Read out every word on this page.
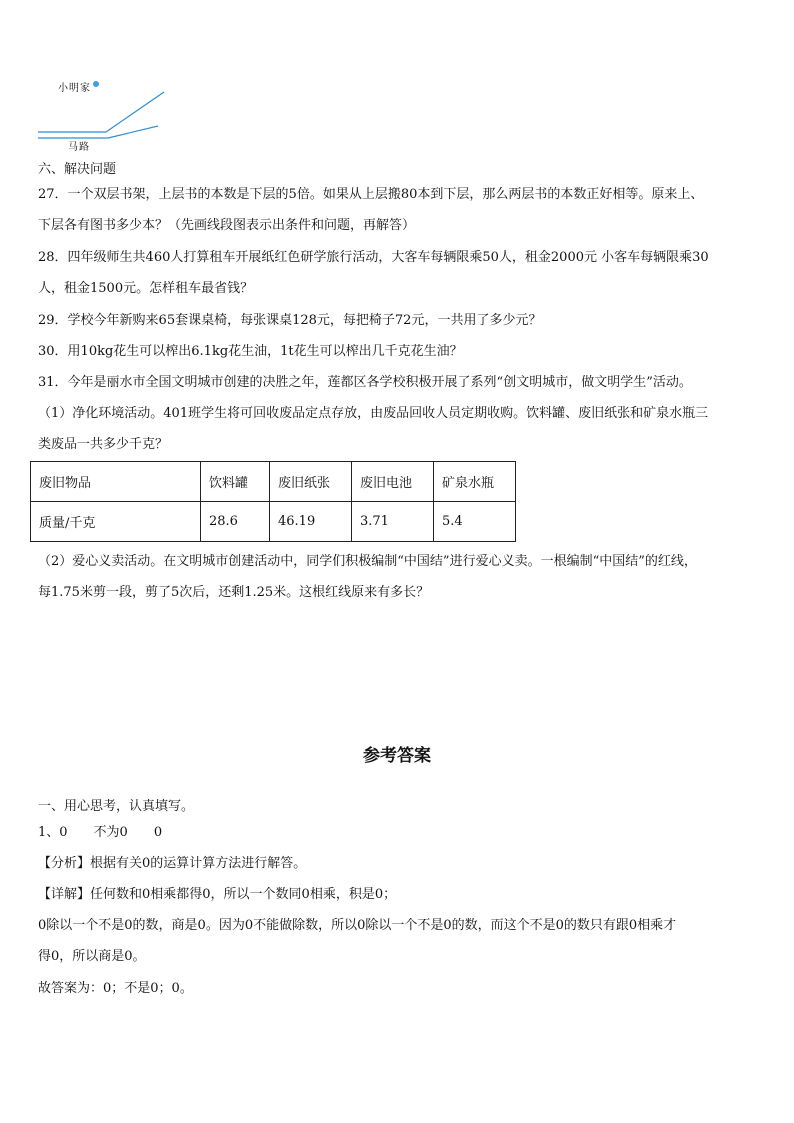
小明家
马路
六、解决问题
27．一个双层书架，上层书的本数是下层的5倍。如果从上层搬80本到下层，那么两层书的本数正好相等。原来上、
下层各有图书多少本？（先画线段图表示出条件和问题，再解答）
28．四年级师生共460人打算租车开展纸红色研学旅行活动，大客车每辆限乘50人，租金2000元 小客车每辆限乘30
人，租金1500元。怎样租车最省钱？
29．学校今年新购来65套课桌椅，每张课桌128元，每把椅子72元，一共用了多少元？
30．用10kg花生可以榨出6.1kg花生油，1t花生可以榨出几千克花生油？
31．今年是丽水市全国文明城市创建的决胜之年，莲都区各学校积极开展了系列“创文明城市，做文明学生”活动。
（1）净化环境活动。401班学生将可回收废品定点存放，由废品回收人员定期收购。饮料罐、废旧纸张和矿泉水瓶三
类废品一共多少千克？
废旧物品	饮料罐	废旧纸张	废旧电池	矿泉水瓶
质量/千克	28.6	46.19	3.71	5.4
（2）爱心义卖活动。在文明城市创建活动中，同学们积极编制“中国结”进行爱心义卖。一根编制“中国结”的红线，
每1.75米剪一段，剪了5次后，还剩1.25米。这根红线原来有多长？
参考答案
一、用心思考，认真填写。
1、0　　不为0　　0
【分析】根据有关0的运算计算方法进行解答。
【详解】任何数和0相乘都得0，所以一个数同0相乘，积是0；
0除以一个不是0的数，商是0。因为0不能做除数，所以0除以一个不是0的数，而这个不是0的数只有跟0相乘才
得0，所以商是0。
故答案为：0；不是0；0。
